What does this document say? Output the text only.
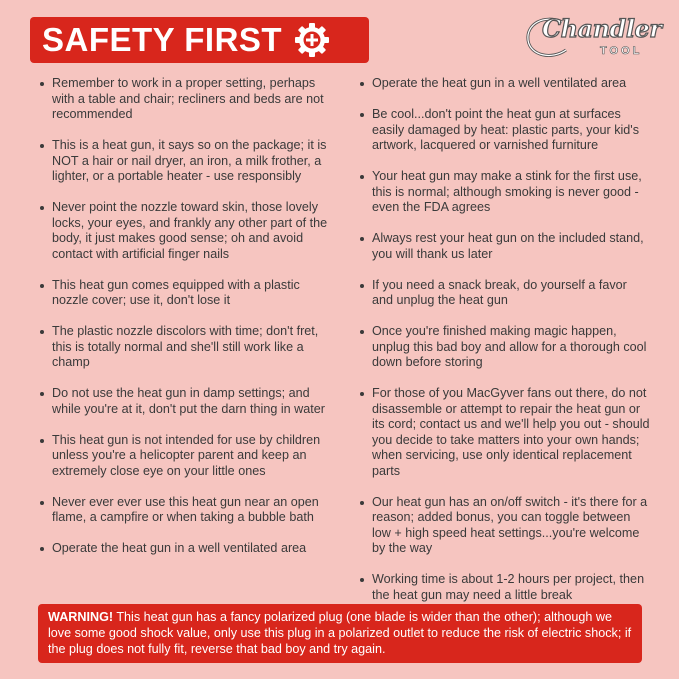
SAFETY FIRST	Chandler
TOOL
Remember to work in a proper setting, perhaps with a table and chair; recliners and beds are not recommended
This is a heat gun, it says so on the package; it is NOT a hair or nail dryer, an iron, a milk frother, a lighter, or a portable heater - use responsibly
Never point the nozzle toward skin, those lovely locks, your eyes, and frankly any other part of the body, it just makes good sense; oh and avoid contact with artificial finger nails
This heat gun comes equipped with a plastic nozzle cover; use it, don't lose it
The plastic nozzle discolors with time; don't fret, this is totally normal and she'll still work like a champ
Do not use the heat gun in damp settings; and while you're at it, don't put the darn thing in water
This heat gun is not intended for use by children unless you're a helicopter parent and keep an extremely close eye on your little ones
Never ever ever use this heat gun near an open flame, a campfire or when taking a bubble bath
Operate the heat gun in a well ventilated area
Operate the heat gun in a well ventilated area
Be cool...don't point the heat gun at surfaces easily damaged by heat: plastic parts, your kid's artwork, lacquered or varnished furniture
Your heat gun may make a stink for the first use, this is normal; although smoking is never good - even the FDA agrees
Always rest your heat gun on the included stand, you will thank us later
If you need a snack break, do yourself a favor and unplug the heat gun
Once you're finished making magic happen, unplug this bad boy and allow for a thorough cool down before storing
For those of you MacGyver fans out there, do not disassemble or attempt to repair the heat gun or its cord; contact us and we'll help you out - should you decide to take matters into your own hands; when servicing, use only identical replacement parts
Our heat gun has an on/off switch - it's there for a reason; added bonus, you can toggle between low + high speed heat settings...you're welcome by the way
Working time is about 1-2 hours per project, then the heat gun may need a little break
WARNING! This heat gun has a fancy polarized plug (one blade is wider than the other); although we love some good shock value, only use this plug in a polarized outlet to reduce the risk of electric shock; if the plug does not fully fit, reverse that bad boy and try again.
